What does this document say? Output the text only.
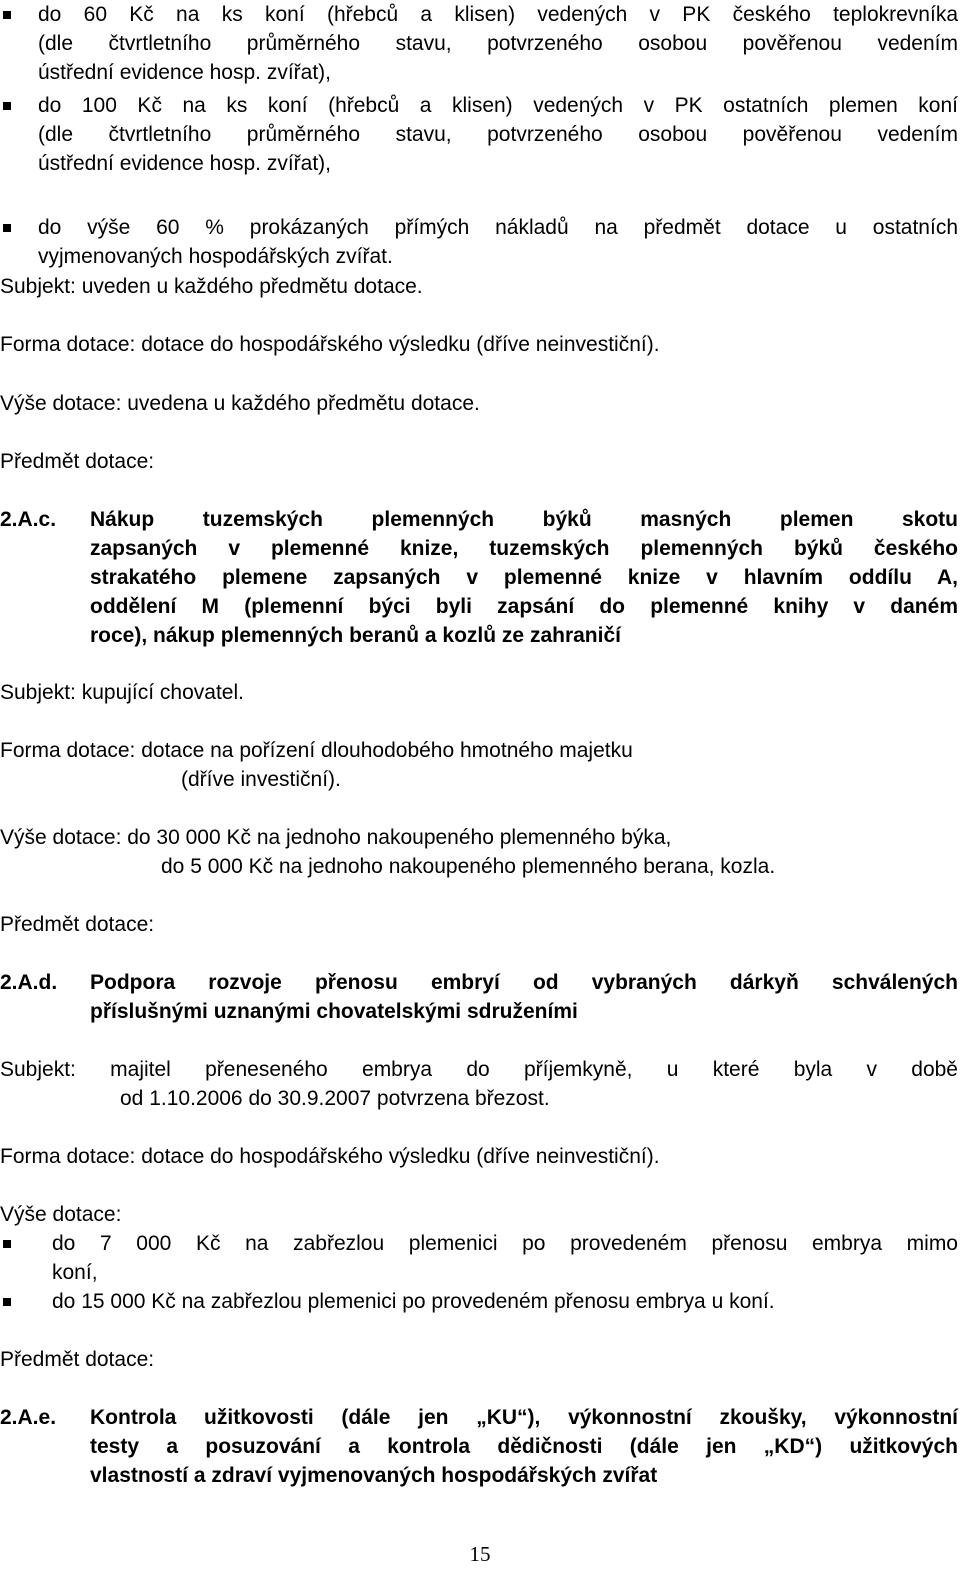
do 60 Kč na ks koní (hřebců a klisen) vedených v PK českého teplokrevníka
(dle čtvrtletního průměrného stavu, potvrzeného osobou pověřenou vedením
ústřední evidence hosp. zvířat),
do 100 Kč na ks koní (hřebců a klisen) vedených v PK ostatních plemen koní
(dle čtvrtletního průměrného stavu, potvrzeného osobou pověřenou vedením
ústřední evidence hosp. zvířat),
do výše 60 % prokázaných přímých nákladů na předmět dotace u ostatních
vyjmenovaných hospodářských zvířat.
Subjekt: uveden u každého předmětu dotace.
Forma dotace: dotace do hospodářského výsledku (dříve neinvestiční).
Výše dotace: uvedena u každého předmětu dotace.
Předmět dotace:
2.A.c. Nákup tuzemských plemenných býků masných plemen skotu
zapsaných v plemenné knize, tuzemských plemenných býků českého
strakatého plemene zapsaných v plemenné knize v hlavním oddílu A,
oddělení M (plemenní býci byli zapsání do plemenné knihy v daném
roce), nákup plemenných beranů a kozlů ze zahraničí
Subjekt: kupující chovatel.
Forma dotace: dotace na pořízení dlouhodobého hmotného majetku
(dříve investiční).
Výše dotace: do 30 000 Kč na jednoho nakoupeného plemenného býka,
do 5 000 Kč na jednoho nakoupeného plemenného berana, kozla.
Předmět dotace:
2.A.d. Podpora rozvoje přenosu embryí od vybraných dárkyň schválených
příslušnými uznanými chovatelskými sdruženími
Subjekt: majitel přeneseného embrya do příjemkyně, u které byla v době
od 1.10.2006 do 30.9.2007 potvrzena březost.
Forma dotace: dotace do hospodářského výsledku (dříve neinvestiční).
Výše dotace:
do 7 000 Kč na zabřezlou plemenici po provedeném přenosu embrya mimo
koní,
do 15 000 Kč na zabřezlou plemenici po provedeném přenosu embrya u koní.
Předmět dotace:
2.A.e. Kontrola užitkovosti (dále jen „KU“), výkonnostní zkoušky, výkonnostní
testy a posuzování a kontrola dědičnosti (dále jen „KD“) užitkových
vlastností a zdraví vyjmenovaných hospodářských zvířat
15
